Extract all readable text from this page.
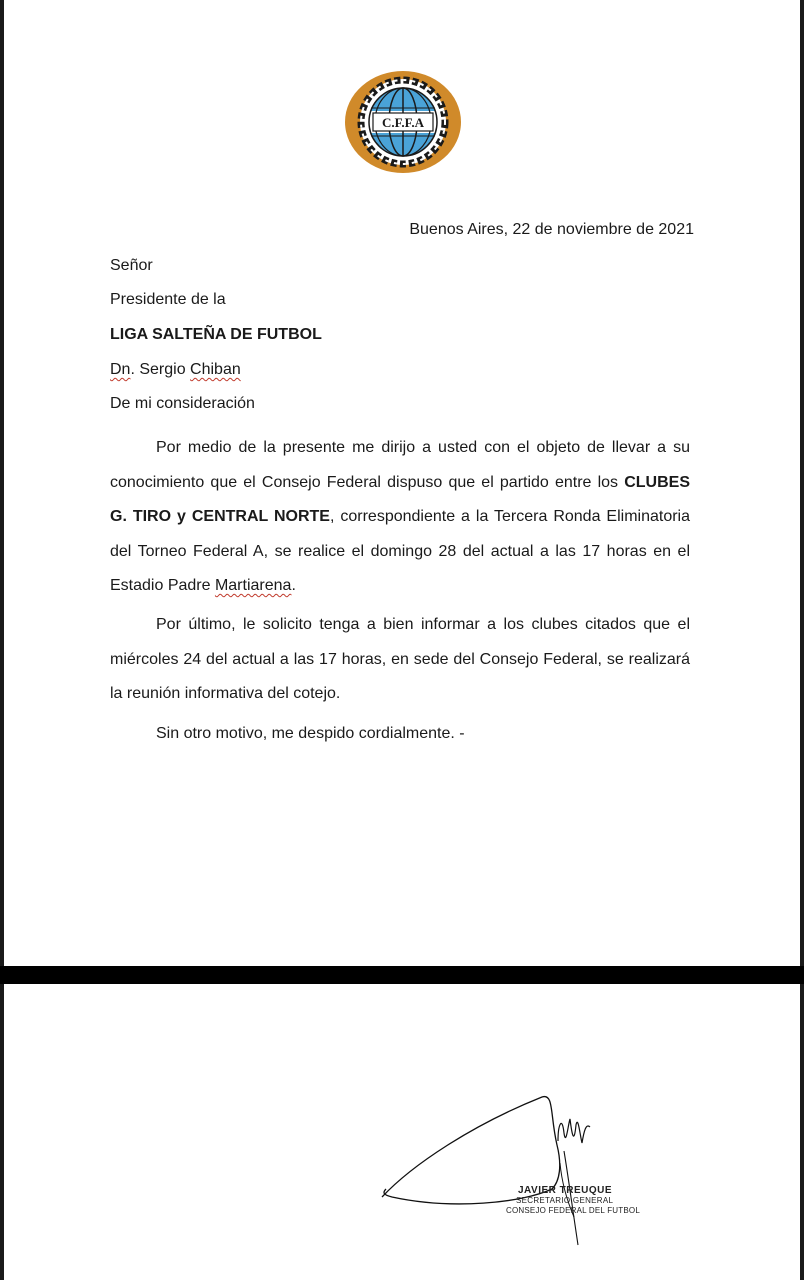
C.F.F.A
Buenos Aires, 22 de noviembre de 2021
Señor
Presidente de la
LIGA SALTEÑA DE FUTBOL
Dn. Sergio Chiban
De mi consideración
Por medio de la presente me dirijo a usted con el objeto de llevar a su conocimiento que el Consejo Federal dispuso que el partido entre los CLUBES G. TIRO y CENTRAL NORTE, correspondiente a la Tercera Ronda Eliminatoria del Torneo Federal A, se realice el domingo 28 del actual a las 17 horas en el Estadio Padre Martiarena.
Por último, le solicito tenga a bien informar a los clubes citados que el miércoles 24 del actual a las 17 horas, en sede del Consejo Federal, se realizará la reunión informativa del cotejo.
Sin otro motivo, me despido cordialmente. -
JAVIER TREUQUE
SECRETARIO GENERAL
CONSEJO FEDERAL DEL FUTBOL
